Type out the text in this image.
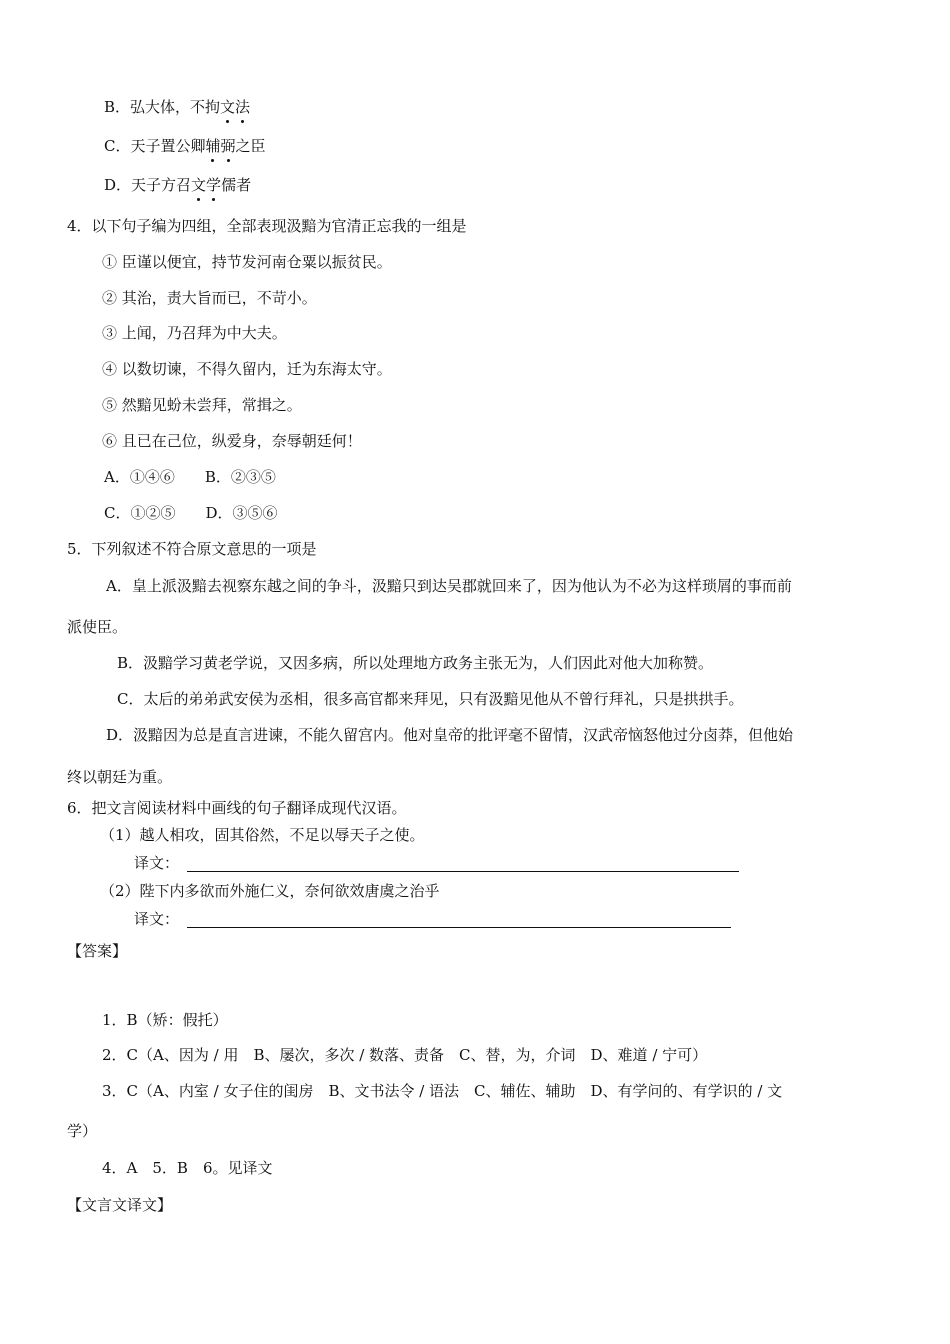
B．弘大体，不拘文法
C．天子置公卿辅弼之臣
D．天子方召文学儒者
4．以下句子编为四组，全部表现汲黯为官清正忘我的一组是
① 臣谨以便宜，持节发河南仓粟以振贫民。
② 其治，责大旨而已，不苛小。
③ 上闻，乃召拜为中大夫。
④ 以数切谏，不得久留内，迁为东海太守。
⑤ 然黯见蚡未尝拜，常揖之。
⑥ 且已在己位，纵爱身，奈辱朝廷何！
A．①④⑥　　B．②③⑤
C．①②⑤　　D．③⑤⑥
5．下列叙述不符合原文意思的一项是
A．皇上派汲黯去视察东越之间的争斗，汲黯只到达吴郡就回来了，因为他认为不必为这样琐屑的事而前
派使臣。
B．汲黯学习黄老学说，又因多病，所以处理地方政务主张无为，人们因此对他大加称赞。
C．太后的弟弟武安侯为丞相，很多高官都来拜见，只有汲黯见他从不曾行拜礼，只是拱拱手。
D．汲黯因为总是直言进谏，不能久留宫内。他对皇帝的批评毫不留情，汉武帝恼怒他过分卤莽，但他始
终以朝廷为重。
6．把文言阅读材料中画线的句子翻译成现代汉语。
（1）越人相攻，固其俗然，不足以辱天子之使。
译文：
（2）陛下内多欲而外施仁义，奈何欲效唐虞之治乎
译文：
【答案】
1．B（矫：假托）
2．C（A、因为 / 用　B、屡次，多次 / 数落、责备　C、替，为，介词　D、难道 / 宁可）
3．C（A、内室 / 女子住的闺房　B、文书法令 / 语法　C、辅佐、辅助　D、有学问的、有学识的 / 文
学）
4．A　5．B　6。见译文
【文言文译文】
